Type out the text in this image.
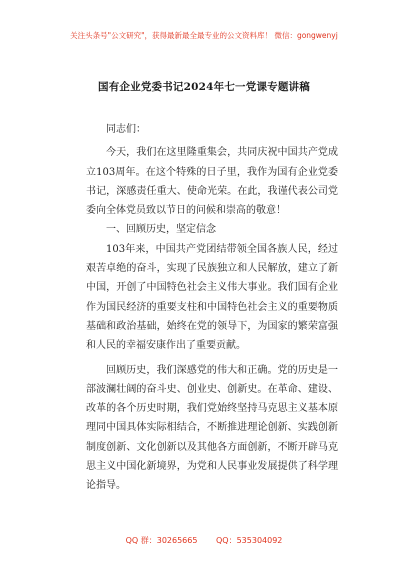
关注头条号"公文研究"，获得最新最全最专业的公文资料库！ 微信：gongwenyj
国有企业党委书记2024年七一党课专题讲稿

同志们：

今天，我们在这里隆重集会，共同庆祝中国共产党成立103周年。在这个特殊的日子里，我作为国有企业党委书记，深感责任重大、使命光荣。在此，我谨代表公司党委向全体党员致以节日的问候和崇高的敬意！

一、回顾历史，坚定信念

103年来，中国共产党团结带领全国各族人民，经过艰苦卓绝的奋斗，实现了民族独立和人民解放，建立了新中国，开创了中国特色社会主义伟大事业。我们国有企业作为国民经济的重要支柱和中国特色社会主义的重要物质基础和政治基础，始终在党的领导下，为国家的繁荣富强和人民的幸福安康作出了重要贡献。

回顾历史，我们深感党的伟大和正确。党的历史是一部波澜壮阔的奋斗史、创业史、创新史。在革命、建设、改革的各个历史时期，我们党始终坚持马克思主义基本原理同中国具体实际相结合，不断推进理论创新、实践创新制度创新、文化创新以及其他各方面创新，不断开辟马克思主义中国化新境界，为党和人民事业发展提供了科学理论指导。

QQ 群：30265665 QQ：535304092
